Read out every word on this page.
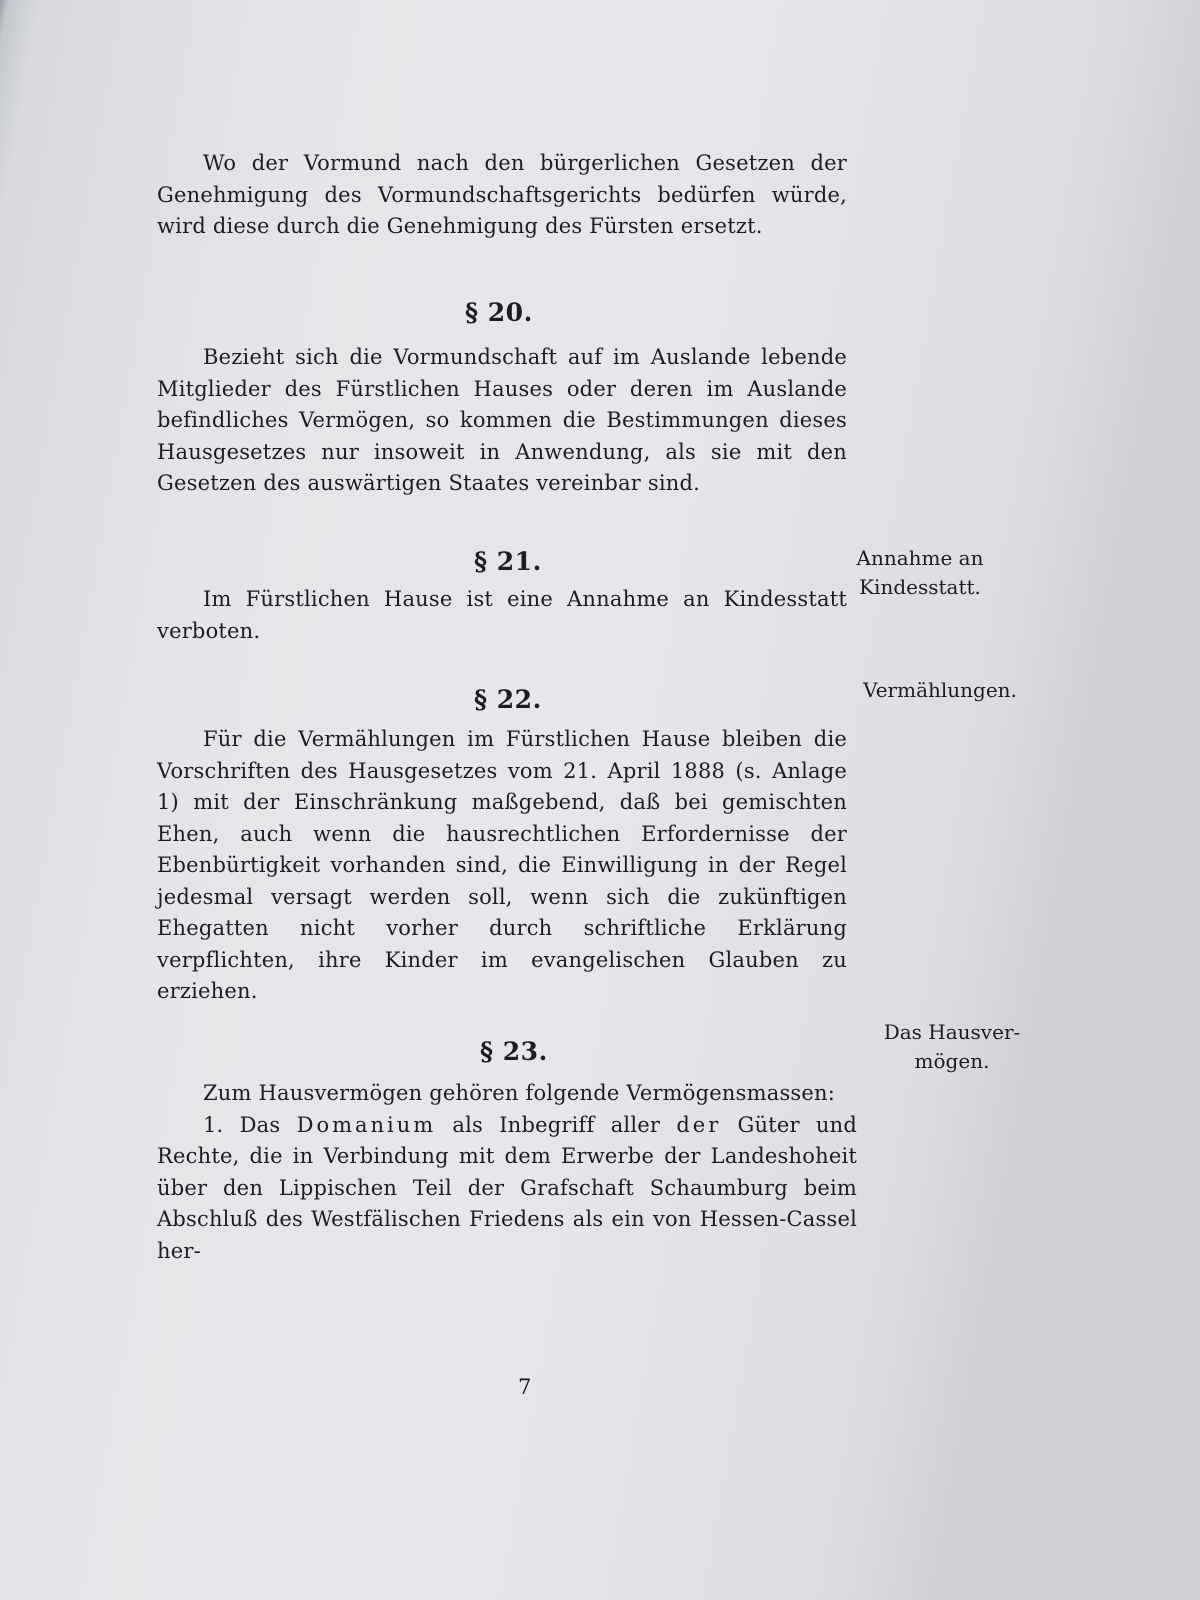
Wo der Vormund nach den bürgerlichen Gesetzen der Genehmigung des Vormundschaftsgerichts bedürfen würde, wird diese durch die Genehmigung des Fürsten ersetzt.

§ 20.

Bezieht sich die Vormundschaft auf im Auslande lebende Mitglieder des Fürstlichen Hauses oder deren im Auslande befindliches Vermögen, so kommen die Bestimmungen dieses Hausgesetzes nur insoweit in Anwendung, als sie mit den Gesetzen des auswärtigen Staates vereinbar sind.

§ 21.	Annahme an
Kindesstatt.

Im Fürstlichen Hause ist eine Annahme an Kindesstatt verboten.

§ 22.	Vermählungen.

Für die Vermählungen im Fürstlichen Hause bleiben die Vorschriften des Hausgesetzes vom 21. April 1888 (s. Anlage 1) mit der Einschränkung maßgebend, daß bei gemischten Ehen, auch wenn die hausrechtlichen Erfordernisse der Ebenbürtigkeit vorhanden sind, die Einwilligung in der Regel jedesmal versagt werden soll, wenn sich die zukünftigen Ehegatten nicht vorher durch schriftliche Erklärung verpflichten, ihre Kinder im evangelischen Glauben zu erziehen.

§ 23.
Das Hausver-
mögen.

Zum Hausvermögen gehören folgende Vermögensmassen:

1. Das Domanium als Inbegriff aller der Güter und Rechte, die in Verbindung mit dem Erwerbe der Landeshoheit über den Lippischen Teil der Grafschaft Schaumburg beim Abschluß des Westfälischen Friedens als ein von Hessen-Cassel her-

7
